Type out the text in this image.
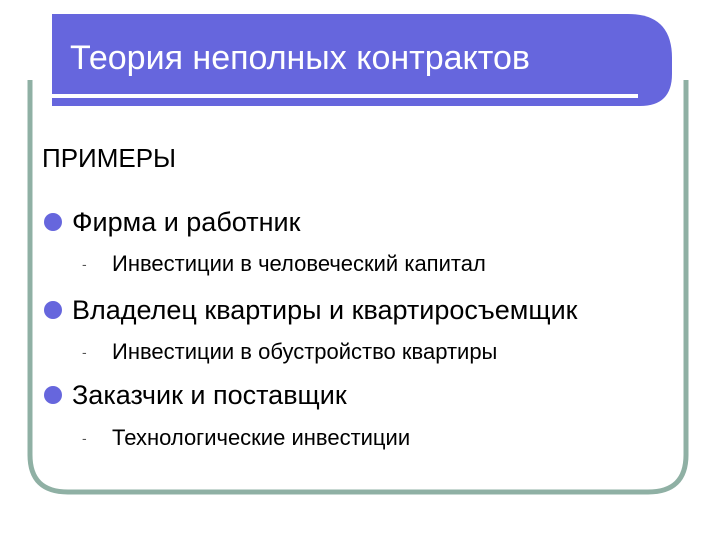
Теория неполных контрактов
ПРИМЕРЫ
Фирма и работник
-	Инвестиции в человеческий капитал
Владелец квартиры и квартиросъемщик
-	Инвестиции в обустройство квартиры
Заказчик и поставщик
-	Технологические инвестиции
